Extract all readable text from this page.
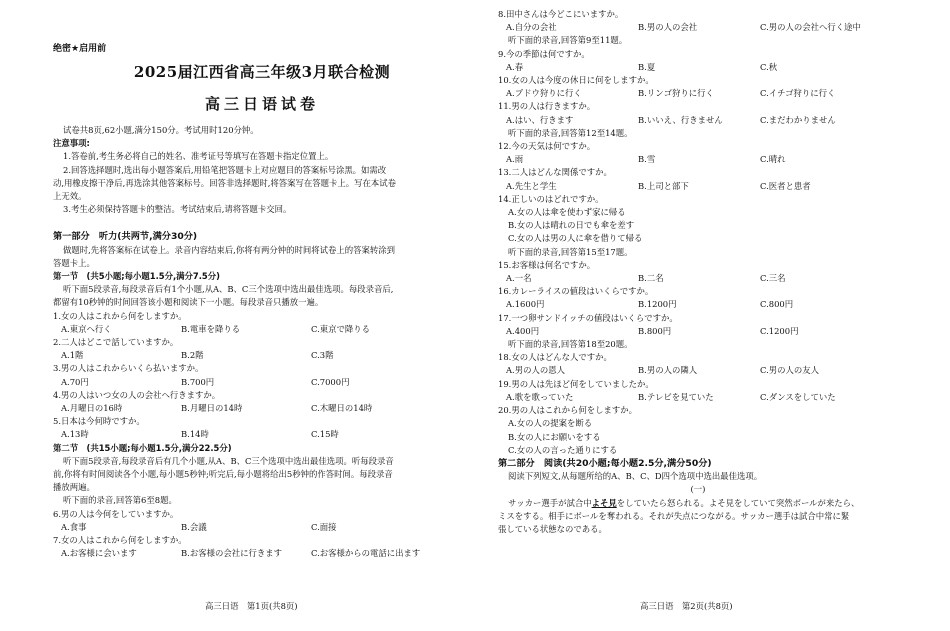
绝密★启用前
2025届江西省高三年级3月联合检测
高三日语试卷
试卷共8页,62小题,满分150分。考试用时120分钟。
注意事项:
1.答卷前,考生务必将自己的姓名、准考证号等填写在答题卡指定位置上。
2.回答选择题时,选出每小题答案后,用铅笔把答题卡上对应题目的答案标号涂黑。如需改
动,用橡皮擦干净后,再选涂其他答案标号。回答非选择题时,将答案写在答题卡上。写在本试卷
上无效。
3.考生必须保持答题卡的整洁。考试结束后,请将答题卡交回。
第一部分　听力(共两节,满分30分)
做题时,先将答案标在试卷上。录音内容结束后,你将有两分钟的时间将试卷上的答案转涂到
答题卡上。
第一节　(共5小题;每小题1.5分,满分7.5分)
听下面5段录音,每段录音后有1个小题,从A、B、C三个选项中选出最佳选项。每段录音后,
都留有10秒钟的时间回答该小题和阅读下一小题。每段录音只播放一遍。
1.女の人はこれから何をしますか。
A.東京へ行く	B.電車を降りる	C.東京で降りる
2.二人はどこで話していますか。
A.1階	B.2階	C.3階
3.男の人はこれからいくら払いますか。
A.70円	B.700円	C.7000円
4.男の人はいつ女の人の会社へ行きますか。
A.月曜日の16時	B.月曜日の14時	C.木曜日の14時
5.日本は今何時ですか。
A.13時	B.14時	C.15時
第二节　(共15小题;每小题1.5分,满分22.5分)
听下面5段录音,每段录音后有几个小题,从A、B、C三个选项中选出最佳选项。听每段录音
前,你将有时间阅读各个小题,每小题5秒钟;听完后,每小题将给出5秒钟的作答时间。每段录音
播放两遍。
听下面的录音,回答第6至8题。
6.男の人は今何をしていますか。
A.食事	B.会議	C.面接
7.女の人はこれから何をしますか。
A.お客様に会います	B.お客様の会社に行きます	C.お客様からの電話に出ます
8.田中さんは今どこにいますか。
A.自分の会社	B.男の人の会社	C.男の人の会社へ行く途中
听下面的录音,回答第9至11题。
9.今の季節は何ですか。
A.春	B.夏	C.秋
10.女の人は今度の休日に何をしますか。
A.ブドウ狩りに行く	B.リンゴ狩りに行く	C.イチゴ狩りに行く
11.男の人は行きますか。
A.はい、行きます	B.いいえ、行きません	C.まだわかりません
听下面的录音,回答第12至14题。
12.今の天気は何ですか。
A.雨	B.雪	C.晴れ
13.二人はどんな関係ですか。
A.先生と学生	B.上司と部下	C.医者と患者
14.正しいのはどれですか。
A.女の人は傘を使わず家に帰る
B.女の人は晴れの日でも傘を差す
C.女の人は男の人に傘を借りて帰る
听下面的录音,回答第15至17题。
15.お客様は何名ですか。
A.一名	B.二名	C.三名
16.カレーライスの値段はいくらですか。
A.1600円	B.1200円	C.800円
17.一つ卵サンドイッチの値段はいくらですか。
A.400円	B.800円	C.1200円
听下面的录音,回答第18至20题。
18.女の人はどんな人ですか。
A.男の人の恩人	B.男の人の隣人	C.男の人の友人
19.男の人は先ほど何をしていましたか。
A.歌を歌っていた	B.テレビを見ていた	C.ダンスをしていた
20.男の人はこれから何をしますか。
A.女の人の提案を断る
B.女の人にお願いをする
C.女の人の言った通りにする
第二部分　阅读(共20小题;每小题2.5分,满分50分)
阅读下列短文,从每题所给的A、B、C、D四个选项中选出最佳选项。
(一)
サッカー選手が試合中よそ見をしていたら怒られる。よそ見をしていて突然ボールが来たら、
ミスをする。相手にボールを奪われる。それが失点につながる。サッカー選手は試合中常に緊
張している状態なのである。
高三日语　第1页(共8页)	高三日语　第2页(共8页)
